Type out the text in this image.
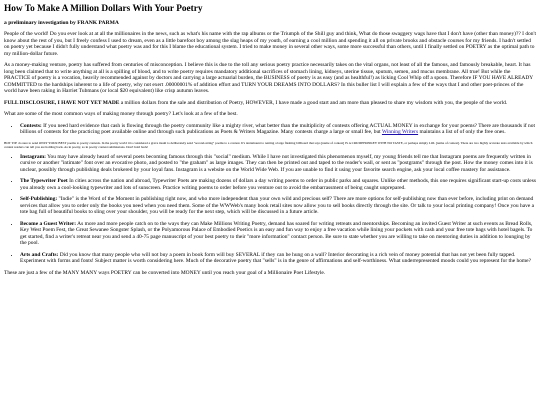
How To Make A Million Dollars With Your Poetry
a preliminary investigation by FRANK PARMA

People of the world! Do you ever look at at all the millionaires in the news, such as what's his name with the rap albums or the Triumph of the Shill guy and think, What do those swaggery wags have that I don't have (other than money)?? I don't know about the rest of you, but I freely confess I used to dream, even as a little barefoot boy among the slag heaps of my youth, of earning a cool million and spending it all on private brooks and obstacle courses for my friends. I hadn't settled on poetry yet because I didn't fully understand what poetry was and for this I blame the educational system. I tried to make money in several other ways, some more successful than others, until I finally settled on POETRY as the optimal path to my million-dollar future.

As a money-making venture, poetry has suffered from centuries of misconception. I believe this is due to the toll any serious poetry practice necessarily takes on the vital organs, not least of all the famous, and famously breakable, heart. It has long been claimed that to write anything at all is a spilling of blood, and to write poetry requires mandatory additional sacrifices of stomach lining, kidneys, uterine tissue, sputum, semen, and mucus membrane. All true! But while the PRACTICE of poetry is a vocation, heavily recommended against by doctors and carrying a large actuarial burden, the BUSINESS of poetry is as easy (and as healthful!) as licking Cool Whip off a spoon. Therefore IF YOU HAVE ALREADY COMMITTED to the hardships inherent to a life of poetry, why not exert .00000001% of addition effort and TURN YOUR DREAMS INTO DOLLARS? In this buller list I will explain a few of the ways that I and other poet-princes of the world have been raking in Harriet Tubmans (or local $20 equivalent) like crisp autumn leaves.

FULL DISCLOSURE, I HAVE NOT YET MADE a million dollars from the sale and distribution of Poetry, HOWEVER, I have made a good start and am more than pleased to share my wisdom with you, the people of the world.

What are some of the most common ways of making money through poetry? Let's look at a few of the best.

• Contests: If you need hard evidence that cash is flowing through the poetry community like a mighty river, what better than the multiplicity of contests offering ACTUAL MONEY in exchange for your poems? There are thousands if not billions of contests for the practicing poet available online and through such publications as Poets & Writers Magazine. Many contests charge a large or small fee, but Winning Writers maintains a list of of only the free ones.

HOT TIP: do sure to send ONLY YOUR BEST poems to poetry contests. In the poetry world it is considered a grave insult to deliberately send "second-string" poems to a contest. It's tantamount to renting a large flashing billboard that says [name of contest] IS A CRUMPHONKEY WITH NO TASTE, or perhaps simply LOL [name of contest]. There are two highly accurate tests available by which contest readers can tell you are holding back. As in poetry, so in poetry contest submissions. Don't hold back!

• Instagram: You may have already heard of several poets becoming famous through this "social" medium. While I have not investigated this phenomenon myself, my young friends tell me that Instagram poems are frequently written in cursive or another "intimate" font over an evocative photo, and posted to "the graham" as large images. They can then be printed out and taped to the reader's wall, or sent as "postgrams" through the post. How the money comes into it is unclear, possibly through publishing deals brokered by your loyal fans. Instagram is a website on the World Wide Web. If you are unable to find it using your favorite search engine, ask your local coffee roastery for assistance.
• The Typewriter Poet In cities across the nation and abroad, Typewriter Poets are making dozens of dollars a day writing poems to order in public parks and squares. Unlike other methods, this one requires significant start-up costs unless you already own a cool-looking typewriter and lots of sunscreen. Practice writing poems to order before you venture out to avoid the embarrassment of being caught unprepared.
• Self-Publishing: "Indie" is the Word of the Moment in publishing right now, and who more independent than your own wild and precious self? There are more options for self-publishing now than ever before, including print on demand services that allow you to order only the books you need when you need them. Some of the WWWeb's many book retail sites now allow you to sell books directly through the site. Or talk to your local printing company! Once you have a tote bag full of beautiful books to sling over your shoulder, you will be ready for the next step, which will be discussed in a future article.
• Become a Guest Writer: As more and more people catch on to the ways they can Make Millions Writing Poetry, demand has soared for writing retreats and mentorships. Becoming an invited Guest Writer at such events as Bread Rolls, Key West Poem Fest, the Great Sewanee Songster Splash, or the Polyamorous Palace of Embodied Poetics is an easy and fun way to enjoy a free vacation while lining your pockets with cash and your free tote bags with hotel bagels. To get started, find a writer's retreat near you and send a 40-75 page manuscript of your best poetry to their "more information" contact person. Be sure to state whether you are willing to take on mentoring duties in addition to lounging by the pool.
• Arts and Crafts: Did you know that many people who will not buy a poem in book form will buy SEVERAL if they can be hung on a wall? Interior decorating is a rich vein of money potential that has not yet been fully tapped. Experiment with forms and fonts! Subject matter is worth considering here. Much of the decorative poetry that "sells" is in the genre of affirmations and self-worthiness. What underrepresented moods could you represent for the home?

These are just a few of the MANY MANY ways POETRY can be converted into MONEY until you reach your goal of a Millionaire Poet Lifestyle.
